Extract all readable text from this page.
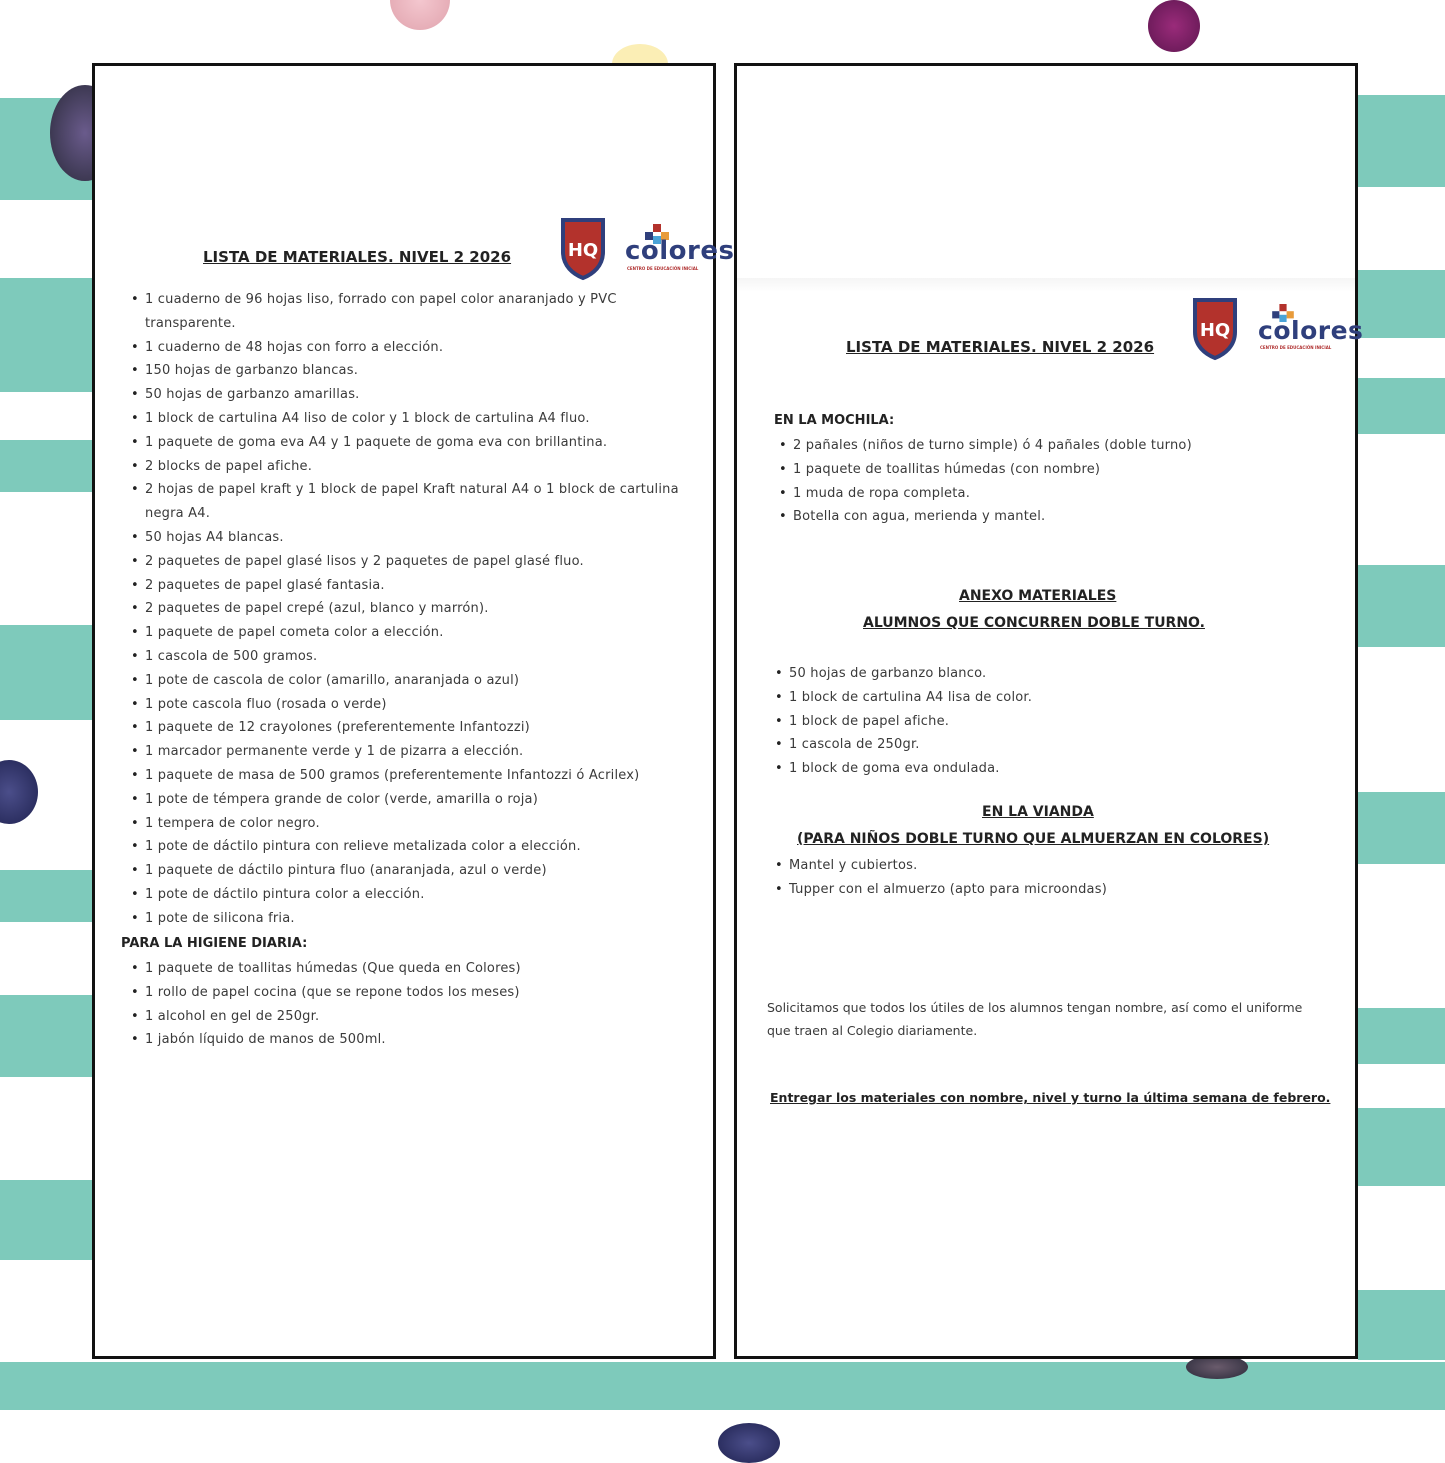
LISTA DE MATERIALES. NIVEL 2 2026	HQ colores
CENTRO DE EDUCACIÓN INICIAL
• 1 cuaderno de 96 hojas liso, forrado con papel color anaranjado y PVC transparente.
• 1 cuaderno de 48 hojas con forro a elección.
• 150 hojas de garbanzo blancas.
• 50 hojas de garbanzo amarillas.
• 1 block de cartulina A4 liso de color y 1 block de cartulina A4 fluo.
• 1 paquete de goma eva A4 y 1 paquete de goma eva con brillantina.
• 2 blocks de papel afiche.
• 2 hojas de papel kraft y 1 block de papel Kraft natural A4 o 1 block de cartulina negra A4.
• 50 hojas A4 blancas.
• 2 paquetes de papel glasé lisos y 2 paquetes de papel glasé fluo.
• 2 paquetes de papel glasé fantasia.
• 2 paquetes de papel crepé (azul, blanco y marrón).
• 1 paquete de papel cometa color a elección.
• 1 cascola de 500 gramos.
• 1 pote de cascola de color (amarillo, anaranjada o azul)
• 1 pote cascola fluo (rosada o verde)
• 1 paquete de 12 crayolones (preferentemente Infantozzi)
• 1 marcador permanente verde y 1 de pizarra a elección.
• 1 paquete de masa de 500 gramos (preferentemente Infantozzi ó Acrilex)
• 1 pote de témpera grande de color (verde, amarilla o roja)
• 1 tempera de color negro.
• 1 pote de dáctilo pintura con relieve metalizada color a elección.
• 1 paquete de dáctilo pintura fluo (anaranjada, azul o verde)
• 1 pote de dáctilo pintura color a elección.
• 1 pote de silicona fria.
PARA LA HIGIENE DIARIA:
• 1 paquete de toallitas húmedas (Que queda en Colores)
• 1 rollo de papel cocina (que se repone todos los meses)
• 1 alcohol en gel de 250gr.
• 1 jabón líquido de manos de 500ml.
LISTA DE MATERIALES. NIVEL 2 2026
HQ colores
CENTRO DE EDUCACIÓN INICIAL
EN LA MOCHILA:
• 2 pañales (niños de turno simple) ó 4 pañales (doble turno)
• 1 paquete de toallitas húmedas (con nombre)
• 1 muda de ropa completa.
• Botella con agua, merienda y mantel.
ANEXO MATERIALES
ALUMNOS QUE CONCURREN DOBLE TURNO.
• 50 hojas de garbanzo blanco.
• 1 block de cartulina A4 lisa de color.
• 1 block de papel afiche.
• 1 cascola de 250gr.
• 1 block de goma eva ondulada.
EN LA VIANDA
(PARA NIÑOS DOBLE TURNO QUE ALMUERZAN EN COLORES)
• Mantel y cubiertos.
• Tupper con el almuerzo (apto para microondas)
Solicitamos que todos los útiles de los alumnos tengan nombre, así como el uniforme que traen al Colegio diariamente.
Entregar los materiales con nombre, nivel y turno la última semana de febrero.
